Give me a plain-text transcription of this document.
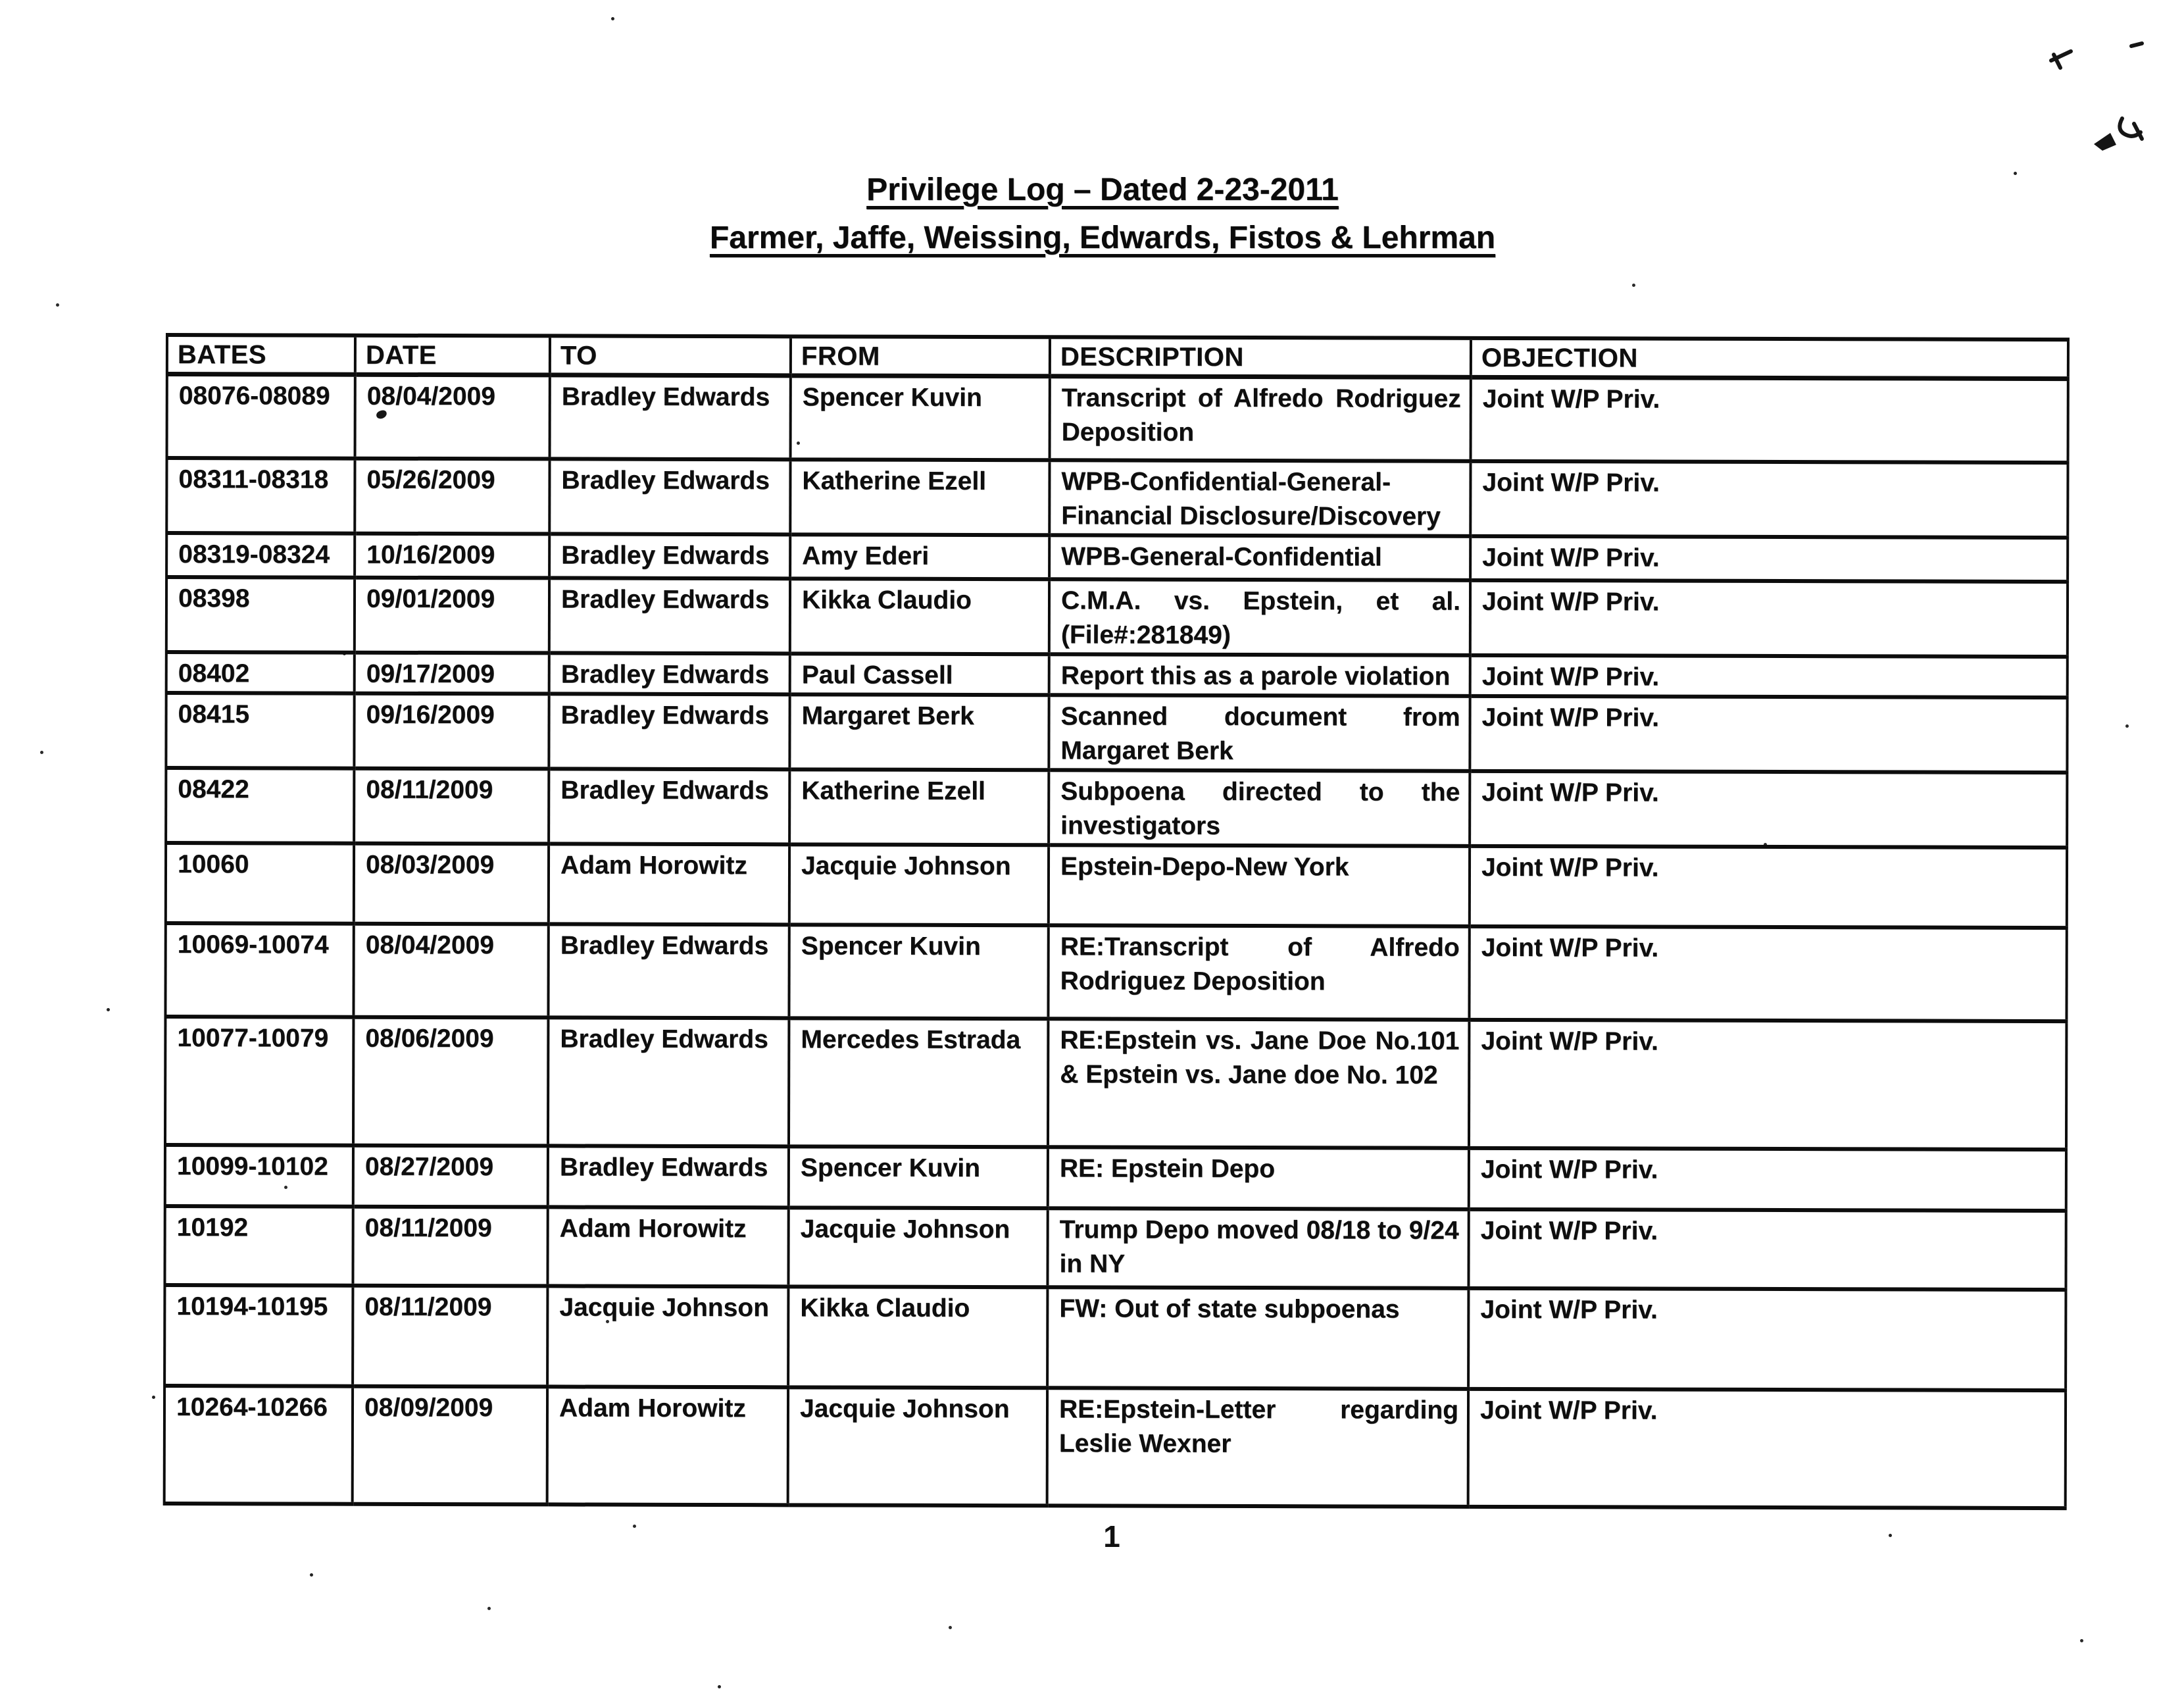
Privilege Log – Dated 2-23-2011
Farmer, Jaffe, Weissing, Edwards, Fistos & Lehrman
BATES	DATE	TO	FROM	DESCRIPTION	OBJECTION
08076-08089	08/04/2009	Bradley Edwards	Spencer Kuvin	Transcript of Alfredo Rodriguez Deposition	Joint W/P Priv.
08311-08318	05/26/2009	Bradley Edwards	Katherine Ezell	WPB-Confidential-General-Financial Disclosure/Discovery	Joint W/P Priv.
08319-08324	10/16/2009	Bradley Edwards	Amy Ederi	WPB-General-Confidential	Joint W/P Priv.
08398	09/01/2009	Bradley Edwards	Kikka Claudio	C.M.A. vs. Epstein, et al.(File#:281849)	Joint W/P Priv.
08402	09/17/2009	Bradley Edwards	Paul Cassell	Report this as a parole violation	Joint W/P Priv.
08415	09/16/2009	Bradley Edwards	Margaret Berk	Scanned document from Margaret Berk	Joint W/P Priv.
08422	08/11/2009	Bradley Edwards	Katherine Ezell	Subpoena directed to the investigators	Joint W/P Priv.
10060	08/03/2009	Adam Horowitz	Jacquie Johnson	Epstein-Depo-New York	Joint W/P Priv.
10069-10074	08/04/2009	Bradley Edwards	Spencer Kuvin	RE:Transcript of Alfredo Rodriguez Deposition	Joint W/P Priv.
10077-10079	08/06/2009	Bradley Edwards	Mercedes Estrada	RE:Epstein vs. Jane Doe No.101 & Epstein vs. Jane doe No. 102	Joint W/P Priv.
10099-10102	08/27/2009	Bradley Edwards	Spencer Kuvin	RE: Epstein Depo	Joint W/P Priv.
10192	08/11/2009	Adam Horowitz	Jacquie Johnson	Trump Depo moved 08/18 to 9/24 in NY	Joint W/P Priv.
10194-10195	08/11/2009	Jacquie Johnson	Kikka Claudio	FW: Out of state subpoenas	Joint W/P Priv.
10264-10266	08/09/2009	Adam Horowitz	Jacquie Johnson	RE:Epstein-Letter regarding Leslie Wexner	Joint W/P Priv.
1
